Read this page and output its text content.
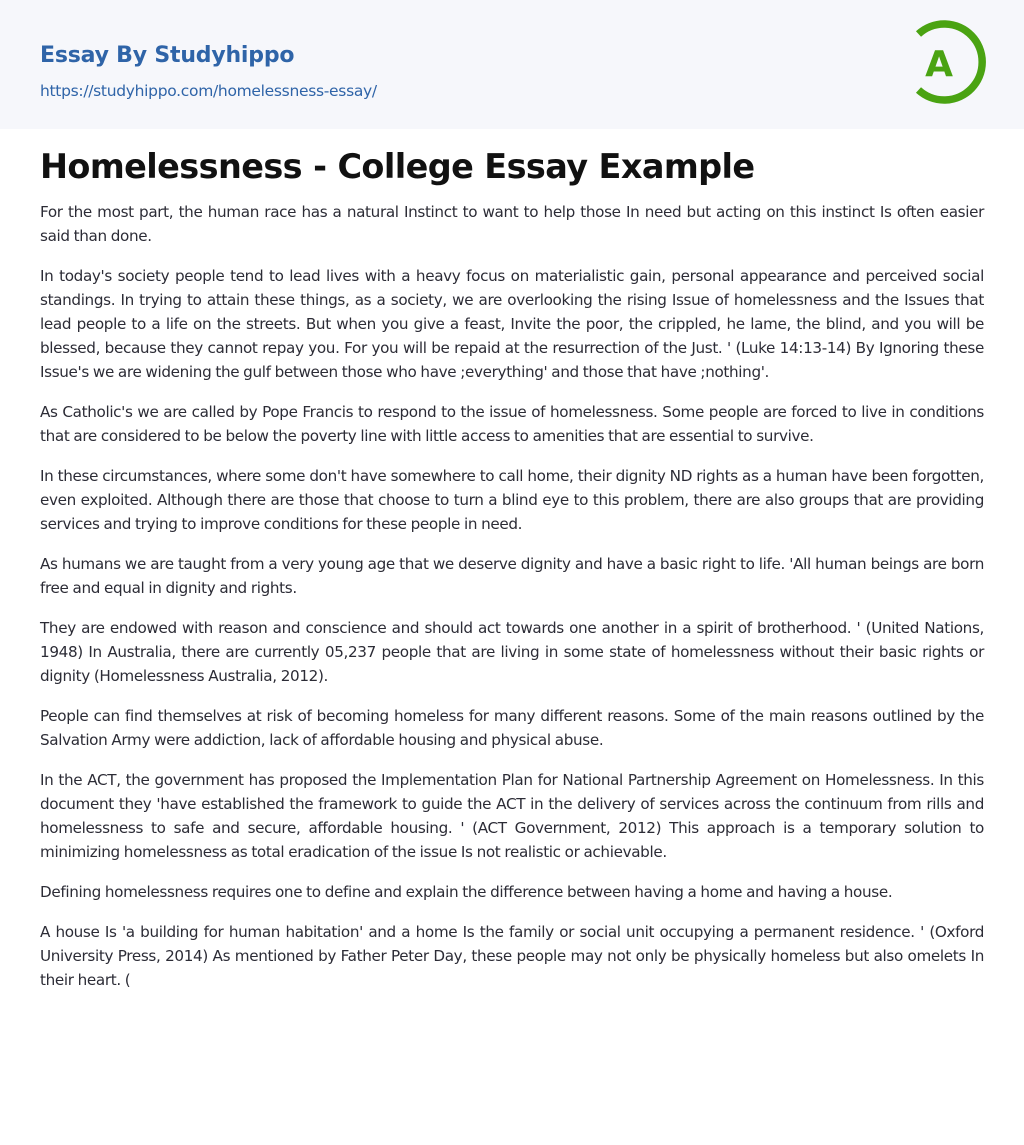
Essay By Studyhippo
https://studyhippo.com/homelessness-essay/
A
Homelessness - College Essay Example

For the most part, the human race has a natural Instinct to want to help those In need but acting on this instinct Is often easier said than done.

In today's society people tend to lead lives with a heavy focus on materialistic gain, personal appearance and perceived social standings. In trying to attain these things, as a society, we are overlooking the rising Issue of homelessness and the Issues that lead people to a life on the streets. But when you give a feast, Invite the poor, the crippled, he lame, the blind, and you will be blessed, because they cannot repay you. For you will be repaid at the resurrection of the Just. ' (Luke 14:13-14) By Ignoring these Issue's we are widening the gulf between those who have ;everything' and those that have ;nothing'.

As Catholic's we are called by Pope Francis to respond to the issue of homelessness. Some people are forced to live in conditions that are considered to be below the poverty line with little access to amenities that are essential to survive.

In these circumstances, where some don't have somewhere to call home, their dignity ND rights as a human have been forgotten, even exploited. Although there are those that choose to turn a blind eye to this problem, there are also groups that are providing services and trying to improve conditions for these people in need.

As humans we are taught from a very young age that we deserve dignity and have a basic right to life. 'All human beings are born free and equal in dignity and rights.

They are endowed with reason and conscience and should act towards one another in a spirit of brotherhood. ' (United Nations, 1948) In Australia, there are currently 05,237 people that are living in some state of homelessness without their basic rights or dignity (Homelessness Australia, 2012).

People can find themselves at risk of becoming homeless for many different reasons. Some of the main reasons outlined by the Salvation Army were addiction, lack of affordable housing and physical abuse.

In the ACT, the government has proposed the Implementation Plan for National Partnership Agreement on Homelessness. In this document they 'have established the framework to guide the ACT in the delivery of services across the continuum from rills and homelessness to safe and secure, affordable housing. ' (ACT Government, 2012) This approach is a temporary solution to minimizing homelessness as total eradication of the issue Is not realistic or achievable.

Defining homelessness requires one to define and explain the difference between having a home and having a house.

A house Is 'a building for human habitation' and a home Is the family or social unit occupying a permanent residence. ' (Oxford University Press, 2014) As mentioned by Father Peter Day, these people may not only be physically homeless but also omelets In their heart. (
